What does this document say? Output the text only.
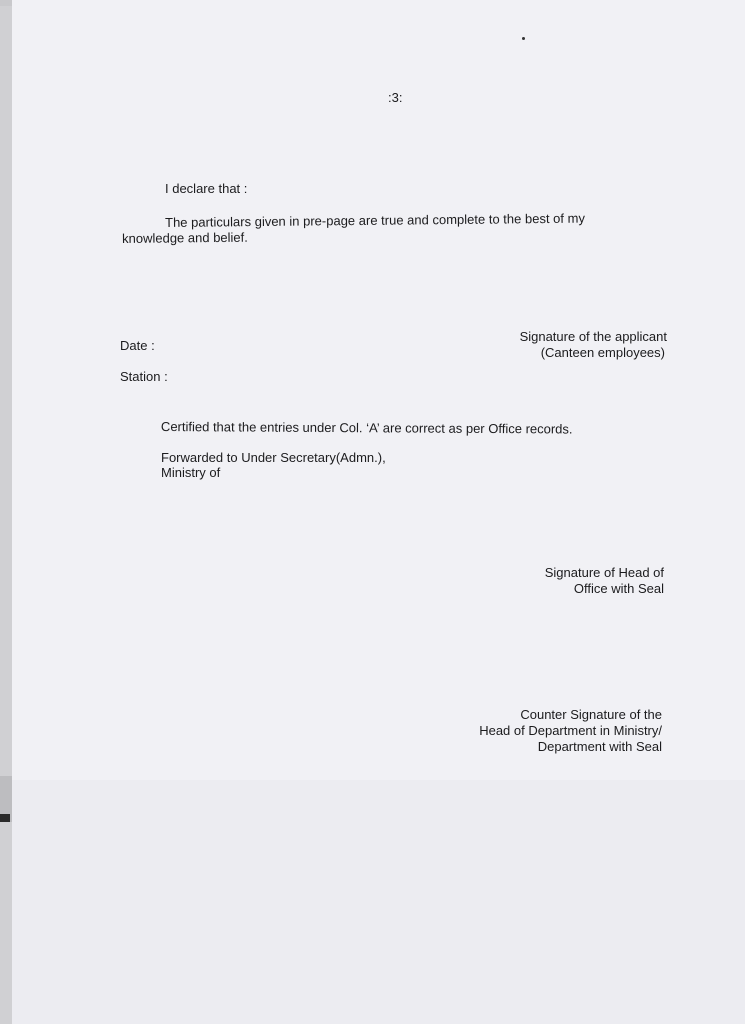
:3:
I declare that :
The particulars given in pre-page are true and complete to the best of my
knowledge and belief.
Signature of the applicant
(Canteen employees)
Date :
Station :
Certified that the entries under Col. ‘A’ are correct as per Office records.
Forwarded to Under Secretary(Admn.),
Ministry of
Signature of Head of
Office with Seal
Counter Signature of the
Head of Department in Ministry/
Department with Seal
